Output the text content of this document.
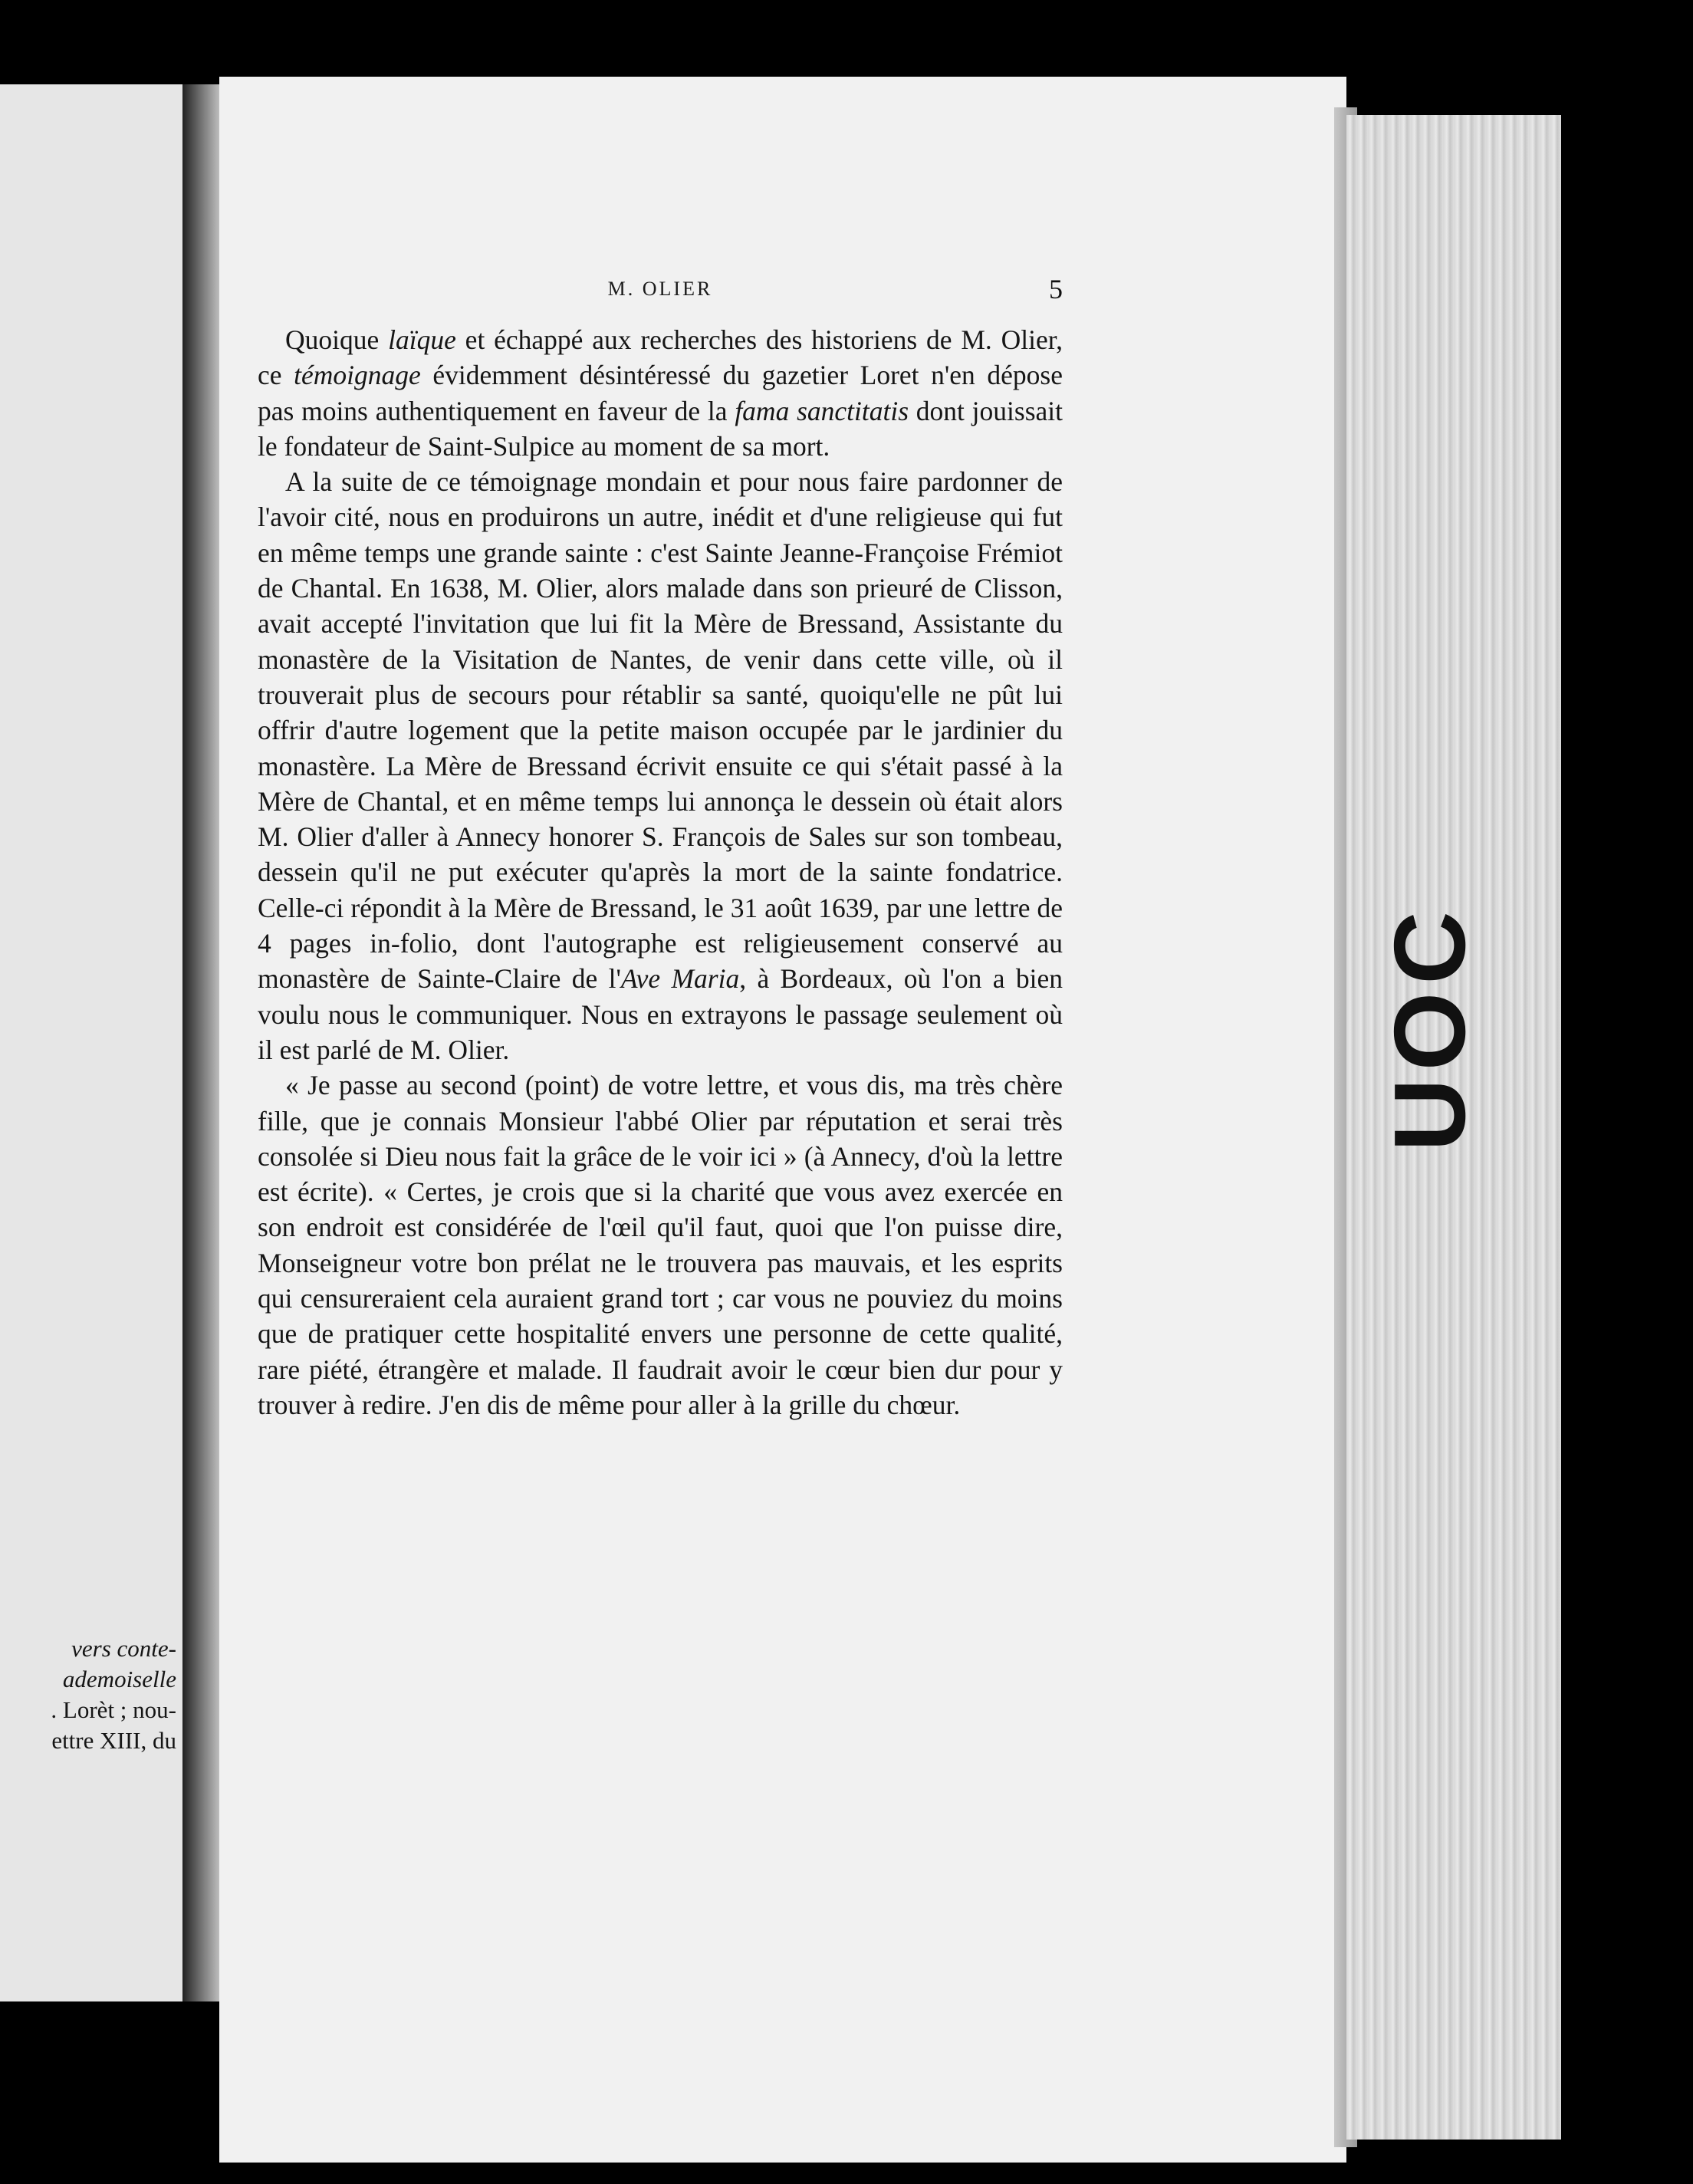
vers conte-
ademoiselle
. Lorèt ; nou-
ettre XIII, du
UOC
M. OLIER	5

Quoique laïque et échappé aux recherches des historiens de M. Olier, ce témoignage évidemment désintéressé du gazetier Loret n'en dépose pas moins authentiquement en faveur de la fama sanctitatis dont jouissait le fondateur de Saint-Sulpice au moment de sa mort.

A la suite de ce témoignage mondain et pour nous faire pardonner de l'avoir cité, nous en produirons un autre, inédit et d'une religieuse qui fut en même temps une grande sainte : c'est Sainte Jeanne-Françoise Frémiot de Chantal. En 1638, M. Olier, alors malade dans son prieuré de Clisson, avait accepté l'invitation que lui fit la Mère de Bressand, Assistante du monastère de la Visitation de Nantes, de venir dans cette ville, où il trouverait plus de secours pour rétablir sa santé, quoiqu'elle ne pût lui offrir d'autre logement que la petite maison occupée par le jardinier du monastère. La Mère de Bressand écrivit ensuite ce qui s'était passé à la Mère de Chantal, et en même temps lui annonça le dessein où était alors M. Olier d'aller à Annecy honorer S. François de Sales sur son tombeau, dessein qu'il ne put exécuter qu'après la mort de la sainte fondatrice. Celle-ci répondit à la Mère de Bressand, le 31 août 1639, par une lettre de 4 pages in-folio, dont l'autographe est religieusement conservé au monastère de Sainte-Claire de l'Ave Maria, à Bordeaux, où l'on a bien voulu nous le communiquer. Nous en extrayons le passage seulement où il est parlé de M. Olier.

« Je passe au second (point) de votre lettre, et vous dis, ma très chère fille, que je connais Monsieur l'abbé Olier par réputation et serai très consolée si Dieu nous fait la grâce de le voir ici » (à Annecy, d'où la lettre est écrite). « Certes, je crois que si la charité que vous avez exercée en son endroit est considérée de l'œil qu'il faut, quoi que l'on puisse dire, Monseigneur votre bon prélat ne le trouvera pas mauvais, et les esprits qui censureraient cela auraient grand tort ; car vous ne pouviez du moins que de pratiquer cette hospitalité envers une personne de cette qualité, rare piété, étrangère et malade. Il faudrait avoir le cœur bien dur pour y trouver à redire. J'en dis de même pour aller à la grille du chœur.
